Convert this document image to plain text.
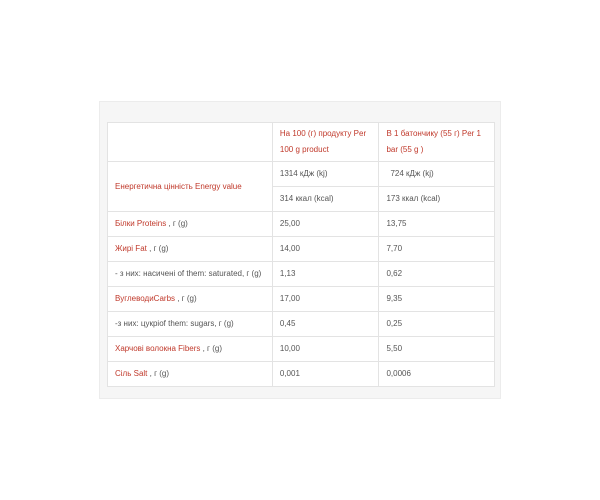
	На 100 (г) продукту Per 100 g product	В 1 батончику (55 г) Per 1 bar (55 g )
Енергетична цінність Energy value	1314 кДж (kj)	724 кДж (kj)
	314 ккал (kcal)	173 ккал (kcal)
Білки Proteins , г (g)	25,00	13,75
Жирі Fat , г (g)	14,00	7,70
- з них: насичені of them: saturated, г (g)	1,13	0,62
ВуглеводиCarbs , г (g)	17,00	9,35
-з них: цукріof them: sugars, г (g)	0,45	0,25
Харчові волокна Fibers , г (g)	10,00	5,50
Сіль Salt , г (g)	0,001	0,0006
